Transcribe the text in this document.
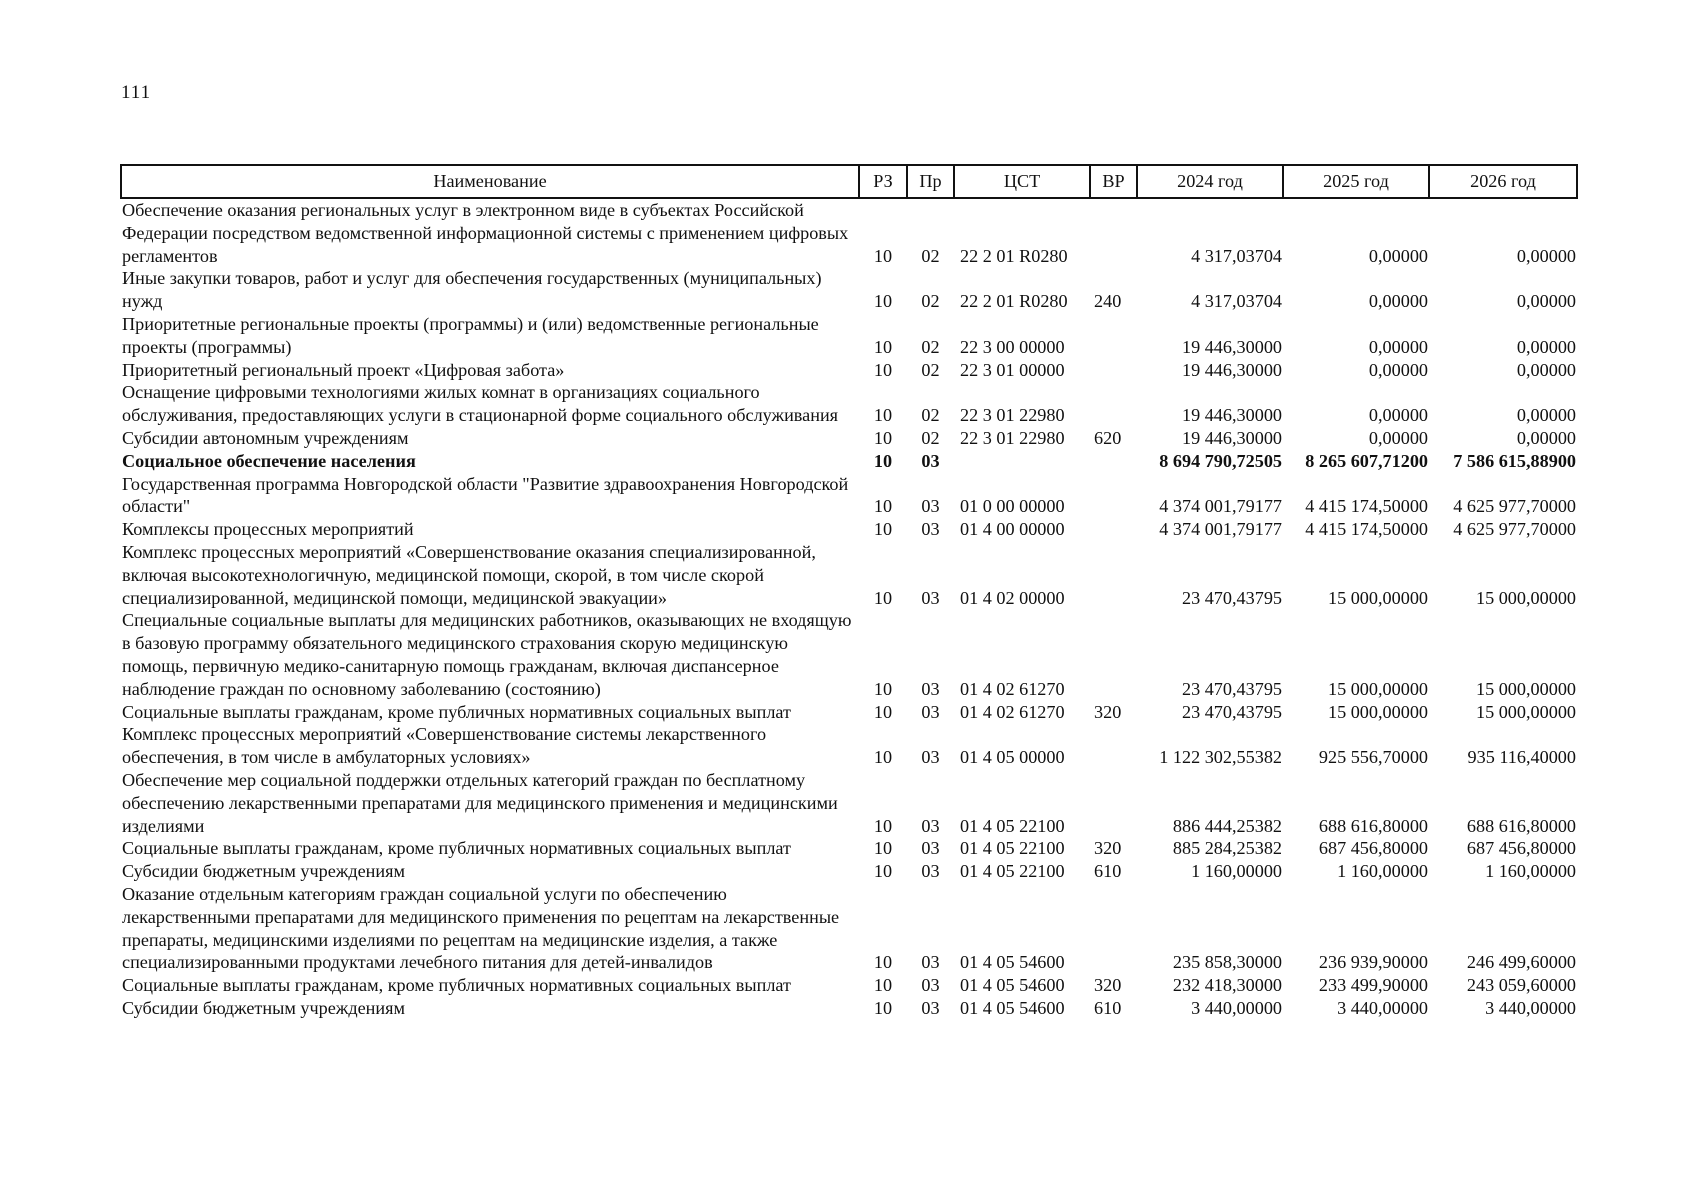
111
Наименование	РЗ	Пр	ЦСТ	ВР	2024 год	2025 год	2026 год
Обеспечение оказания региональных услуг в электронном виде в субъектах Российской Федерации посредством ведомственной информационной системы с применением цифровых регламентов	10	02	22 2 01 R0280		4 317,03704	0,00000	0,00000
Иные закупки товаров, работ и услуг для обеспечения государственных (муниципальных) нужд	10	02	22 2 01 R0280	240	4 317,03704	0,00000	0,00000
Приоритетные региональные проекты (программы) и (или) ведомственные региональные проекты (программы)	10	02	22 3 00 00000		19 446,30000	0,00000	0,00000
Приоритетный региональный проект «Цифровая забота»	10	02	22 3 01 00000		19 446,30000	0,00000	0,00000
Оснащение цифровыми технологиями жилых комнат в организациях социального обслуживания, предоставляющих услуги в стационарной форме социального обслуживания	10	02	22 3 01 22980		19 446,30000	0,00000	0,00000
Субсидии автономным учреждениям	10	02	22 3 01 22980	620	19 446,30000	0,00000	0,00000
Социальное обеспечение населения	10	03			8 694 790,72505	8 265 607,71200	7 586 615,88900
Государственная программа Новгородской области "Развитие здравоохранения Новгородской области"	10	03	01 0 00 00000		4 374 001,79177	4 415 174,50000	4 625 977,70000
Комплексы процессных мероприятий	10	03	01 4 00 00000		4 374 001,79177	4 415 174,50000	4 625 977,70000
Комплекс процессных мероприятий «Совершенствование оказания специализированной, включая высокотехнологичную, медицинской помощи, скорой, в том числе скорой специализированной, медицинской помощи, медицинской эвакуации»	10	03	01 4 02 00000		23 470,43795	15 000,00000	15 000,00000
Специальные социальные выплаты для медицинских работников, оказывающих не входящую в базовую программу обязательного медицинского страхования скорую медицинскую помощь, первичную медико-санитарную помощь гражданам, включая диспансерное наблюдение граждан по основному заболеванию (состоянию)	10	03	01 4 02 61270		23 470,43795	15 000,00000	15 000,00000
Социальные выплаты гражданам, кроме публичных нормативных социальных выплат	10	03	01 4 02 61270	320	23 470,43795	15 000,00000	15 000,00000
Комплекс процессных мероприятий «Совершенствование системы лекарственного обеспечения, в том числе в амбулаторных условиях»	10	03	01 4 05 00000		1 122 302,55382	925 556,70000	935 116,40000
Обеспечение мер социальной поддержки отдельных категорий граждан по бесплатному обеспечению лекарственными препаратами для медицинского применения и медицинскими изделиями	10	03	01 4 05 22100		886 444,25382	688 616,80000	688 616,80000
Социальные выплаты гражданам, кроме публичных нормативных социальных выплат	10	03	01 4 05 22100	320	885 284,25382	687 456,80000	687 456,80000
Субсидии бюджетным учреждениям	10	03	01 4 05 22100	610	1 160,00000	1 160,00000	1 160,00000
Оказание отдельным категориям граждан социальной услуги по обеспечению лекарственными препаратами для медицинского применения по рецептам на лекарственные препараты, медицинскими изделиями по рецептам на медицинские изделия, а также специализированными продуктами лечебного питания для детей-инвалидов	10	03	01 4 05 54600		235 858,30000	236 939,90000	246 499,60000
Социальные выплаты гражданам, кроме публичных нормативных социальных выплат	10	03	01 4 05 54600	320	232 418,30000	233 499,90000	243 059,60000
Субсидии бюджетным учреждениям	10	03	01 4 05 54600	610	3 440,00000	3 440,00000	3 440,00000
